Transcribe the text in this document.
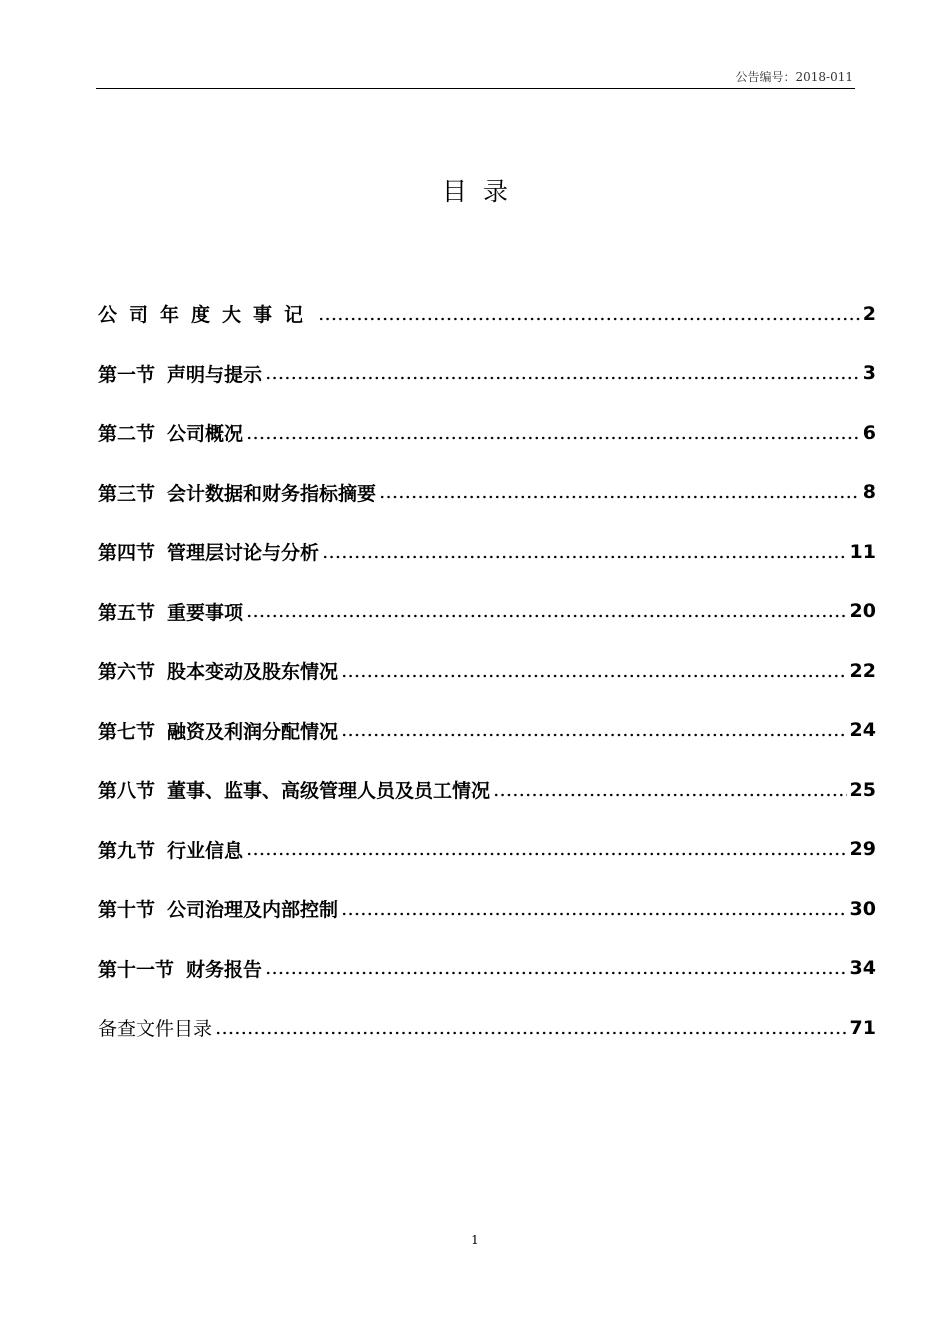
公告编号：2018-011
目录
公司年度大事记	2
第一节 声明与提示	3
第二节 公司概况	6
第三节 会计数据和财务指标摘要	8
第四节 管理层讨论与分析	11
第五节 重要事项	20
第六节 股本变动及股东情况	22
第七节 融资及利润分配情况	24
第八节 董事、监事、高级管理人员及员工情况	25
第九节 行业信息	29
第十节 公司治理及内部控制	30
第十一节 财务报告	34
备查文件目录	71
1
